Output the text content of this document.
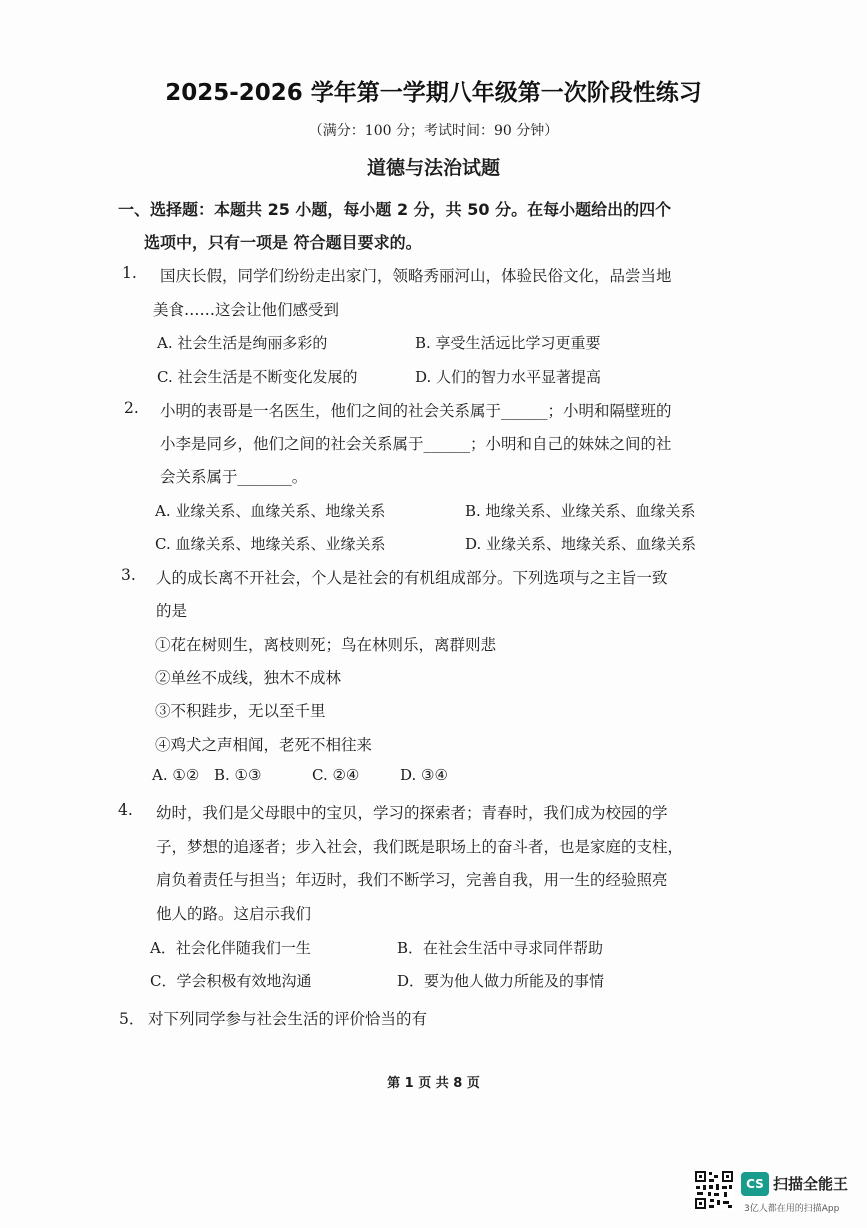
2025-2026 学年第一学期八年级第一次阶段性练习
（满分：100 分；考试时间：90 分钟）
道德与法治试题
一、选择题：本题共 25 小题，每小题 2 分，共 50 分。在每小题给出的四个
选项中，只有一项是 符合题目要求的。
1. 国庆长假，同学们纷纷走出家门，领略秀丽河山，体验民俗文化，品尝当地
美食……这会让他们感受到
A. 社会生活是绚丽多彩的	B. 享受生活远比学习更重要
C. 社会生活是不断变化发展的	D. 人们的智力水平显著提高
2. 小明的表哥是一名医生，他们之间的社会关系属于______；小明和隔壁班的
小李是同乡，他们之间的社会关系属于______；小明和自己的妹妹之间的社
会关系属于_______。
A. 业缘关系、血缘关系、地缘关系	B. 地缘关系、业缘关系、血缘关系
C. 血缘关系、地缘关系、业缘关系	D. 业缘关系、地缘关系、血缘关系
3. 人的成长离不开社会，个人是社会的有机组成部分。下列选项与之主旨一致
的是
①花在树则生，离枝则死；鸟在林则乐，离群则悲
②单丝不成线，独木不成林
③不积跬步，无以至千里
④鸡犬之声相闻，老死不相往来
A. ①② B. ①③	C. ②④	D. ③④
4. 幼时，我们是父母眼中的宝贝，学习的探索者；青春时，我们成为校园的学
子，梦想的追逐者；步入社会，我们既是职场上的奋斗者，也是家庭的支柱，
肩负着责任与担当；年迈时，我们不断学习，完善自我，用一生的经验照亮
他人的路。这启示我们
A．社会化伴随我们一生	B．在社会生活中寻求同伴帮助
C．学会积极有效地沟通	D．要为他人做力所能及的事情
5． 对下列同学参与社会生活的评价恰当的有
第 1 页 共 8 页
CS 扫描全能王
3亿人都在用的扫描App
